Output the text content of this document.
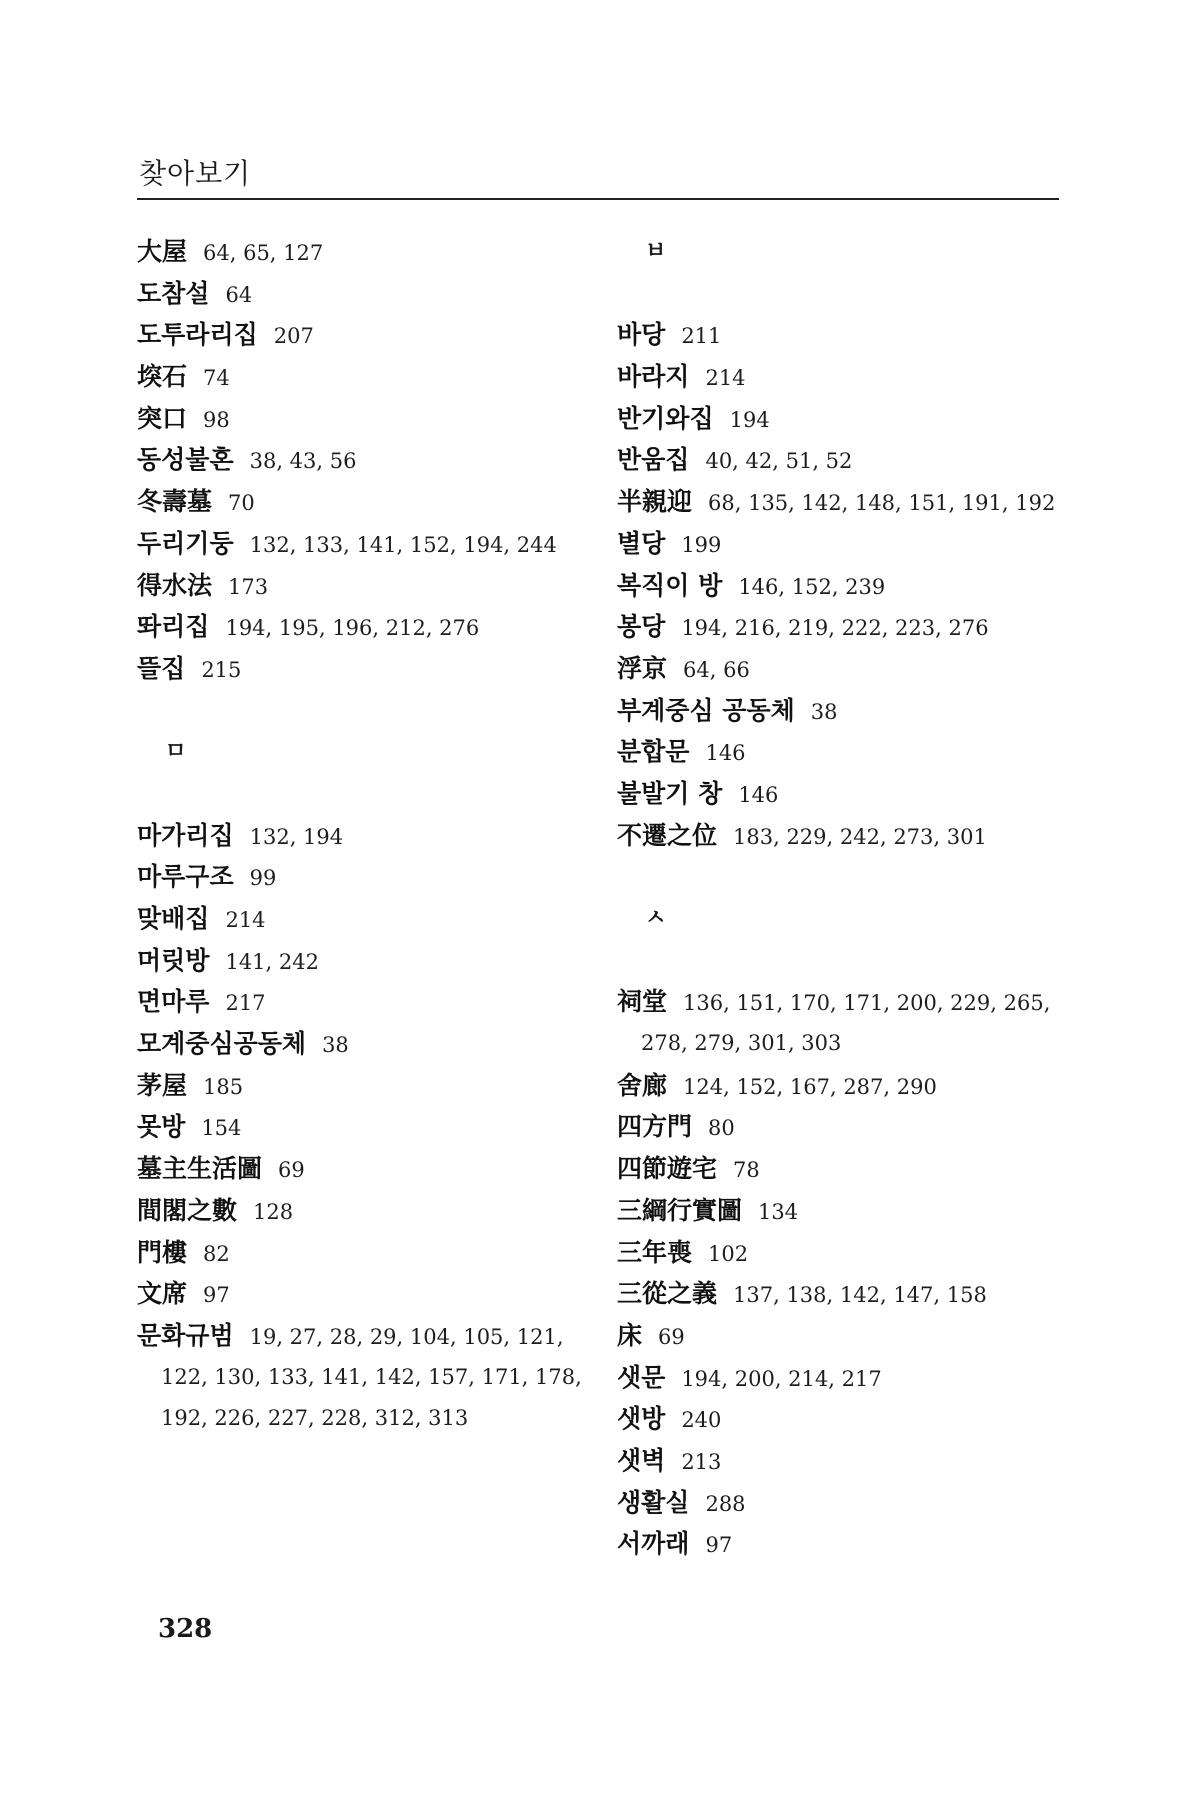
찾아보기
大屋 64, 65, 127
도참설 64
도투라리집 207
堗石 74
突口 98
동성불혼 38, 43, 56
冬壽墓 70
두리기둥 132, 133, 141, 152, 194, 244
得水法 173
똬리집 194, 195, 196, 212, 276
뜰집 215
ㅁ
마가리집 132, 194
마루구조 99
맞배집 214
머릿방 141, 242
면마루 217
모계중심공동체 38
茅屋 185
못방 154
墓主生活圖 69
間閣之數 128
門樓 82
文席 97
문화규범 19, 27, 28, 29, 104, 105, 121,
122, 130, 133, 141, 142, 157, 171, 178,
192, 226, 227, 228, 312, 313
ㅂ
바당 211
바라지 214
반기와집 194
반움집 40, 42, 51, 52
半親迎 68, 135, 142, 148, 151, 191, 192
별당 199
복직이 방 146, 152, 239
봉당 194, 216, 219, 222, 223, 276
浮京 64, 66
부계중심 공동체 38
분합문 146
불발기 창 146
不遷之位 183, 229, 242, 273, 301
ㅅ
祠堂 136, 151, 170, 171, 200, 229, 265,
278, 279, 301, 303
舍廊 124, 152, 167, 287, 290
四方門 80
四節遊宅 78
三綱行實圖 134
三年喪 102
三從之義 137, 138, 142, 147, 158
床 69
샛문 194, 200, 214, 217
샛방 240
샛벽 213
생활실 288
서까래 97
328
